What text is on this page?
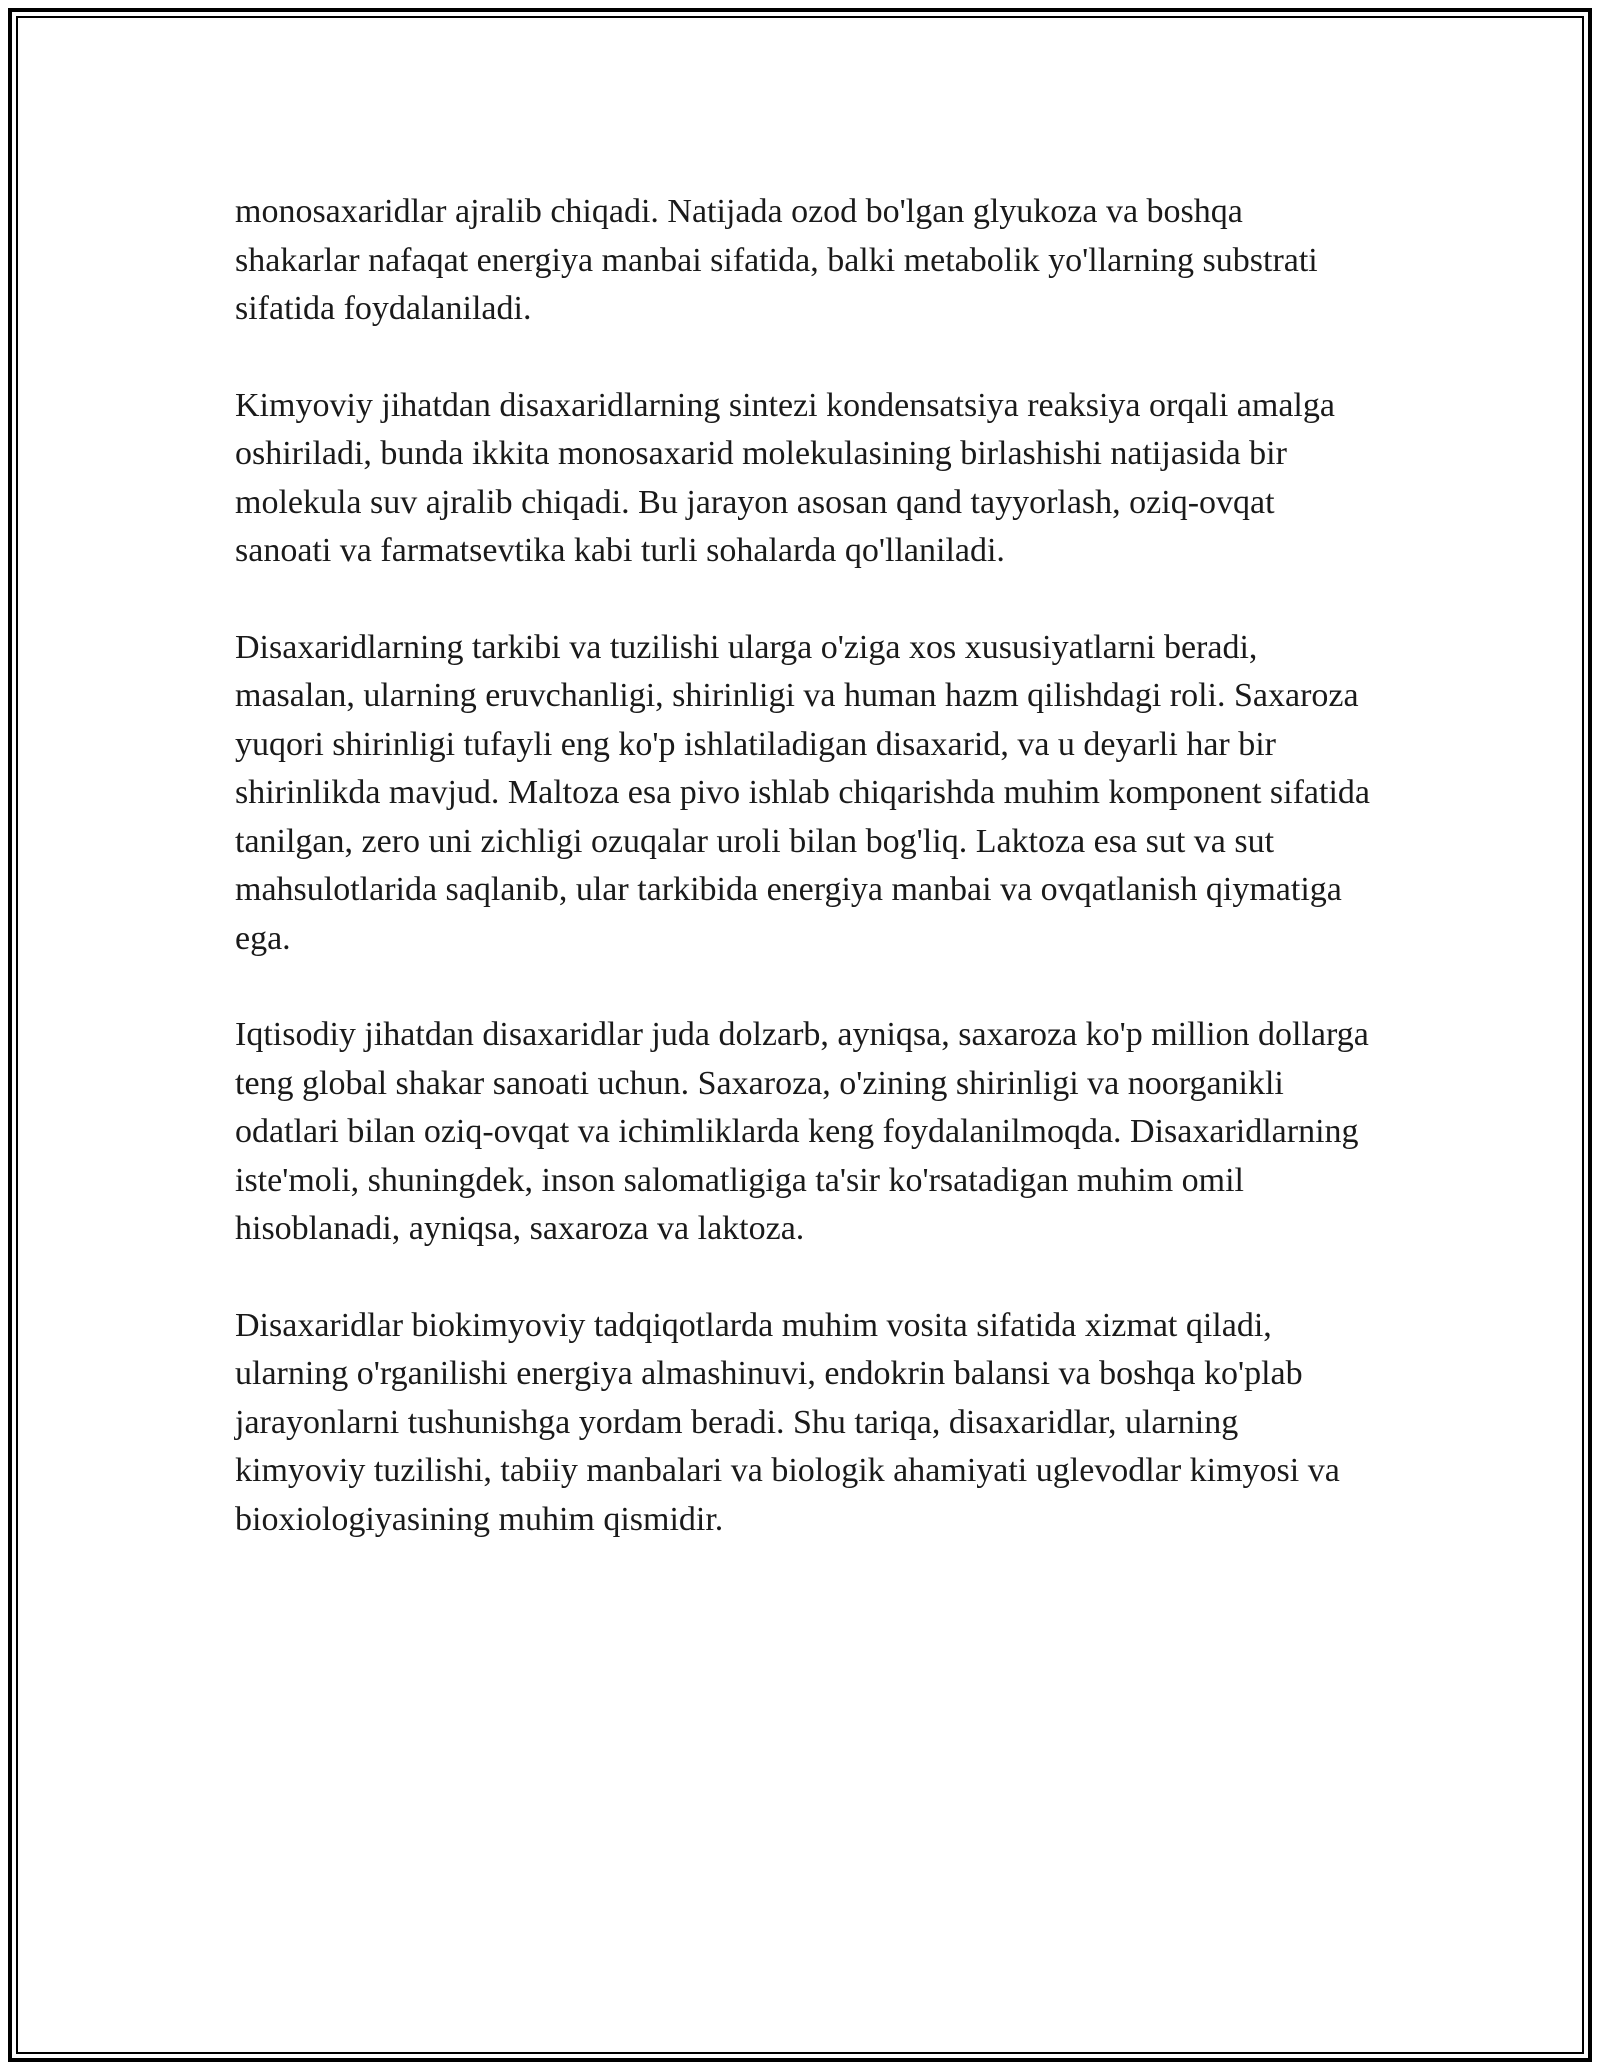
monosaxaridlar ajralib chiqadi. Natijada ozod bo'lgan glyukoza va boshqa shakarlar nafaqat energiya manbai sifatida, balki metabolik yo'llarning substrati sifatida foydalaniladi.

Kimyoviy jihatdan disaxaridlarning sintezi kondensatsiya reaksiya orqali amalga oshiriladi, bunda ikkita monosaxarid molekulasining birlashishi natijasida bir molekula suv ajralib chiqadi. Bu jarayon asosan qand tayyorlash, oziq-ovqat sanoati va farmatsevtika kabi turli sohalarda qo'llaniladi.

Disaxaridlarning tarkibi va tuzilishi ularga o'ziga xos xususiyatlarni beradi, masalan, ularning eruvchanligi, shirinligi va human hazm qilishdagi roli. Saxaroza yuqori shirinligi tufayli eng ko'p ishlatiladigan disaxarid, va u deyarli har bir shirinlikda mavjud. Maltoza esa pivo ishlab chiqarishda muhim komponent sifatida tanilgan, zero uni zichligi ozuqalar uroli bilan bog'liq. Laktoza esa sut va sut mahsulotlarida saqlanib, ular tarkibida energiya manbai va ovqatlanish qiymatiga ega.

Iqtisodiy jihatdan disaxaridlar juda dolzarb, ayniqsa, saxaroza ko'p million dollarga teng global shakar sanoati uchun. Saxaroza, o'zining shirinligi va noorganikli odatlari bilan oziq-ovqat va ichimliklarda keng foydalanilmoqda. Disaxaridlarning iste'moli, shuningdek, inson salomatligiga ta'sir ko'rsatadigan muhim omil hisoblanadi, ayniqsa, saxaroza va laktoza.

Disaxaridlar biokimyoviy tadqiqotlarda muhim vosita sifatida xizmat qiladi, ularning o'rganilishi energiya almashinuvi, endokrin balansi va boshqa ko'plab jarayonlarni tushunishga yordam beradi. Shu tariqa, disaxaridlar, ularning kimyoviy tuzilishi, tabiiy manbalari va biologik ahamiyati uglevodlar kimyosi va bioxiologiyasining muhim qismidir.
